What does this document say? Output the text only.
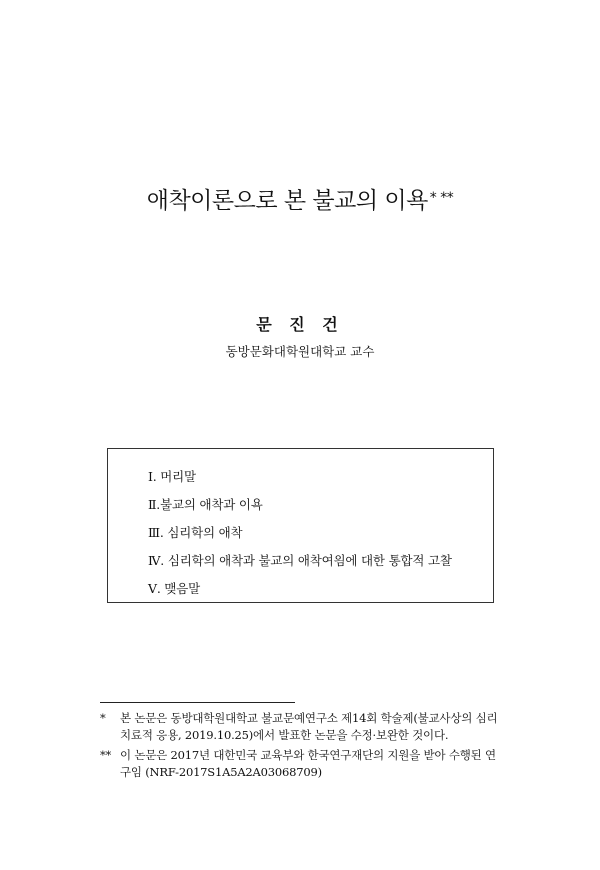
애착이론으로 본 불교의 이욕 * **
문 진 건
동방문화대학원대학교 교수
Ⅰ. 머리말
Ⅱ.불교의 애착과 이욕
Ⅲ. 심리학의 애착
Ⅳ. 심리학의 애착과 불교의 애착여읨에 대한 통합적 고찰
Ⅴ. 맺음말
*	본 논문은 동방대학원대학교 불교문예연구소 제14회 학술제(불교사상의 심리치료적 응용, 2019.10.25)에서 발표한 논문을 수정·보완한 것이다.
** 이 논문은 2017년 대한민국 교육부와 한국연구재단의 지원을 받아 수행된 연구임 (NRF-2017S1A5A2A03068709)
